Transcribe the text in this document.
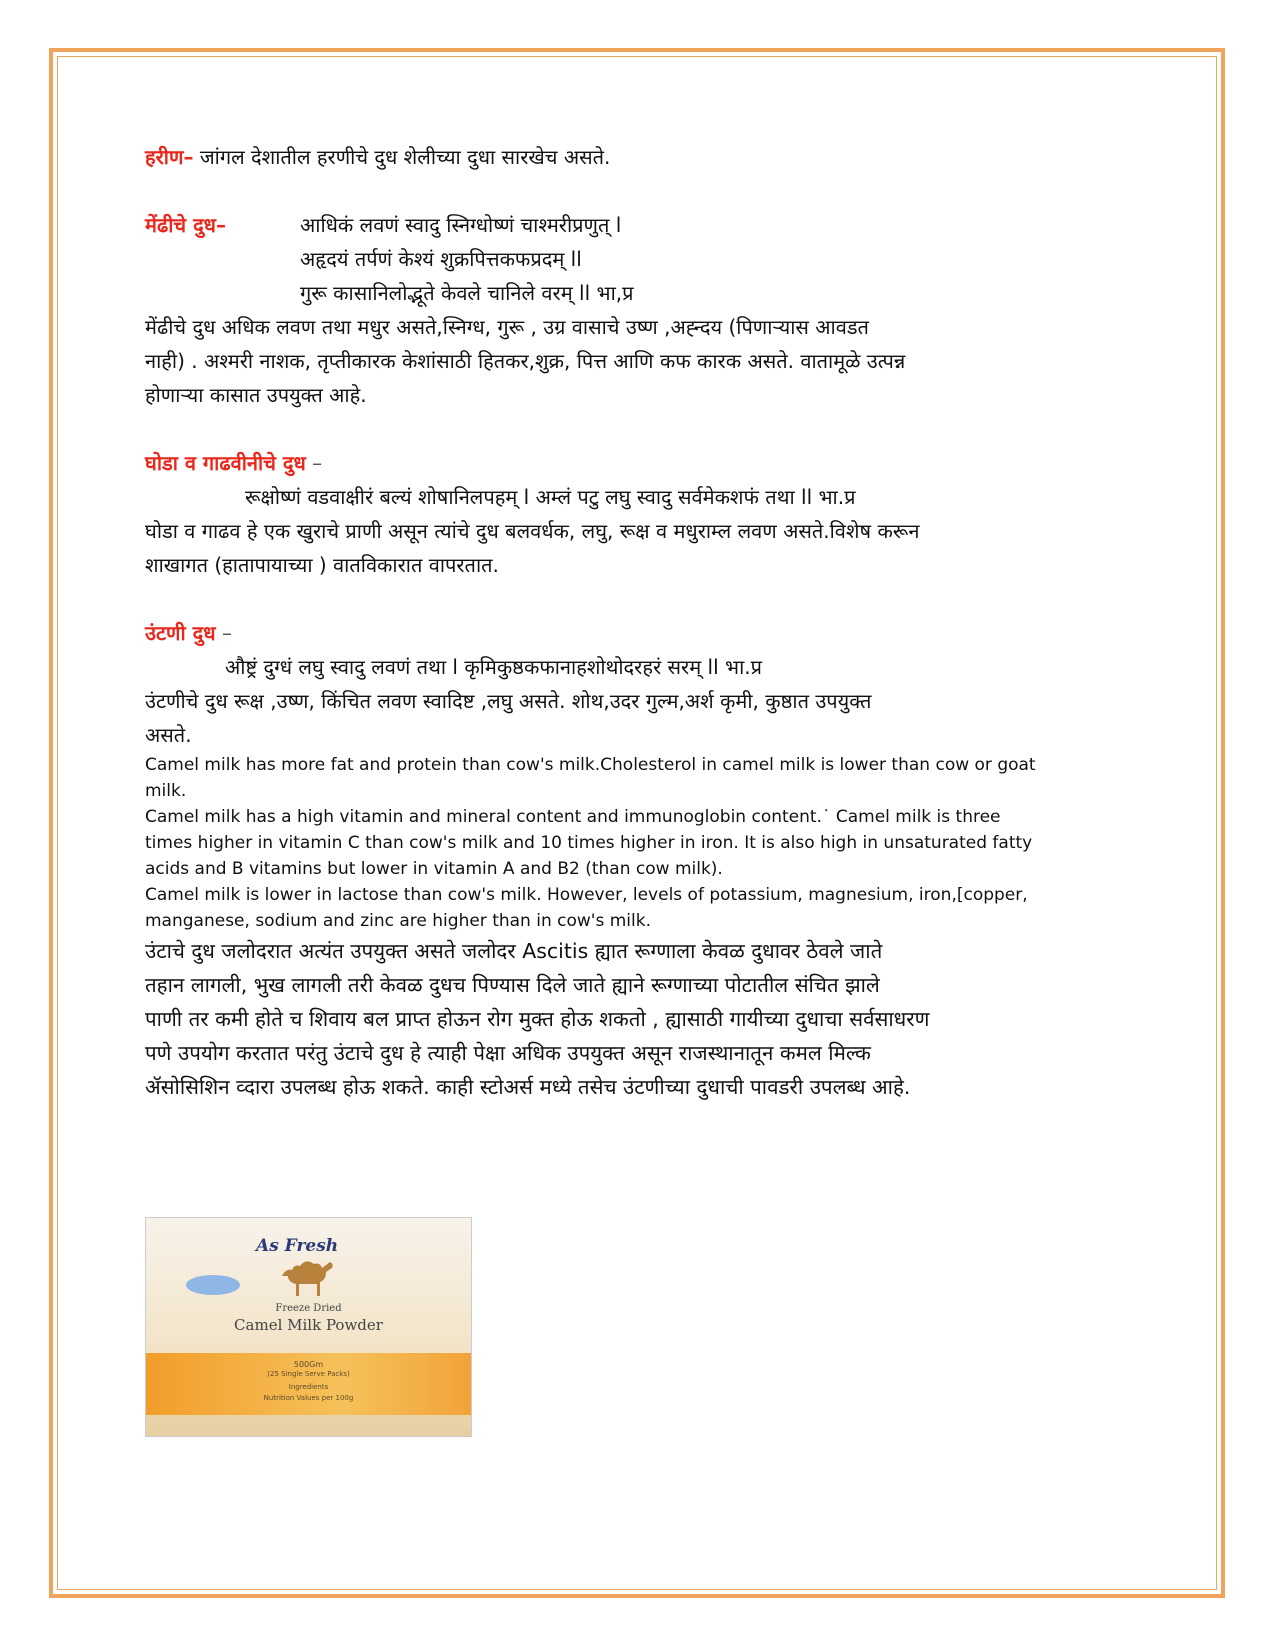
हरीण– जांगल देशातील हरणीचे दुध शेलीच्या दुधा सारखेच असते.

मेंढीचे दुध–	आधिकं लवणं स्वादु स्निग्धोष्णं चाश्मरीप्रणुत् l

अहृदयं तर्पणं केश्यं शुक्रपित्तकफप्रदम् ll

गुरू कासानिलोद्भूते केवले चानिले वरम् ll भा,प्र

मेंढीचे दुध अधिक लवण तथा मधुर असते,स्निग्ध, गुरू , उग्र वासाचे उष्ण ,अह्न्दय (पिणाऱ्यास आवडत

नाही) . अश्मरी नाशक, तृप्तीकारक केशांसाठी हितकर,शुक्र, पित्त आणि कफ कारक असते. वातामूळे उत्पन्न

होणाऱ्या कासात उपयुक्त आहे.

घोडा व गाढवीनीचे दुध –

रूक्षोष्णं वडवाक्षीरं बल्यं शोषानिलपहम् l अम्लं पटु लघु स्वादु सर्वमेकशफं तथा ll भा.प्र

घोडा व गाढव हे एक खुराचे प्राणी असून त्यांचे दुध बलवर्धक, लघु, रूक्ष व मधुराम्ल लवण असते.विशेष करून

शाखागत (हातापायाच्या ) वातविकारात वापरतात.

उंटणी दुध –

औष्ट्रं दुग्धं लघु स्वादु लवणं तथा l कृमिकुष्ठकफानाहशोथोदरहरं सरम् ll भा.प्र

उंटणीचे दुध रूक्ष ,उष्ण, किंचित लवण स्वादिष्ट ,लघु असते. शोथ,उदर गुल्म,अर्श कृमी, कुष्ठात उपयुक्त

असते.

Camel milk has more fat and protein than cow's milk.Cholesterol in camel milk is lower than cow or goat

milk.

Camel milk has a high vitamin and mineral content and immunoglobin content.˙ Camel milk is three

times higher in vitamin C than cow's milk and 10 times higher in iron. It is also high in unsaturated fatty

acids and B vitamins but lower in vitamin A and B2 (than cow milk).

Camel milk is lower in lactose than cow's milk. However, levels of potassium, magnesium, iron,[copper,

manganese, sodium and zinc are higher than in cow's milk.

उंटाचे दुध जलोदरात अत्यंत उपयुक्त असते जलोदर Ascitis ह्यात रूग्णाला केवळ दुधावर ठेवले जाते

तहान लागली, भुख लागली तरी केवळ दुधच पिण्यास दिले जाते ह्याने रूग्णाच्या पोटातील संचित झाले

पाणी तर कमी होते च शिवाय बल प्राप्त होऊन रोग मुक्त होऊ शकतो , ह्यासाठी गायीच्या दुधाचा सर्वसाधरण

पणे उपयोग करतात परंतु उंटाचे दुध हे त्याही पेक्षा अधिक उपयुक्त असून राजस्थानातून कमल मिल्क

ॲसोसिशिन व्दारा उपलब्ध होऊ शकते. काही स्टोअर्स मध्ये तसेच उंटणीच्या दुधाची पावडरी उपलब्ध आहे.

As Fresh
Freeze Dried
Camel Milk Powder
500Gm
(25 Single Serve Packs)
Ingredients
Nutrition Values per 100g
